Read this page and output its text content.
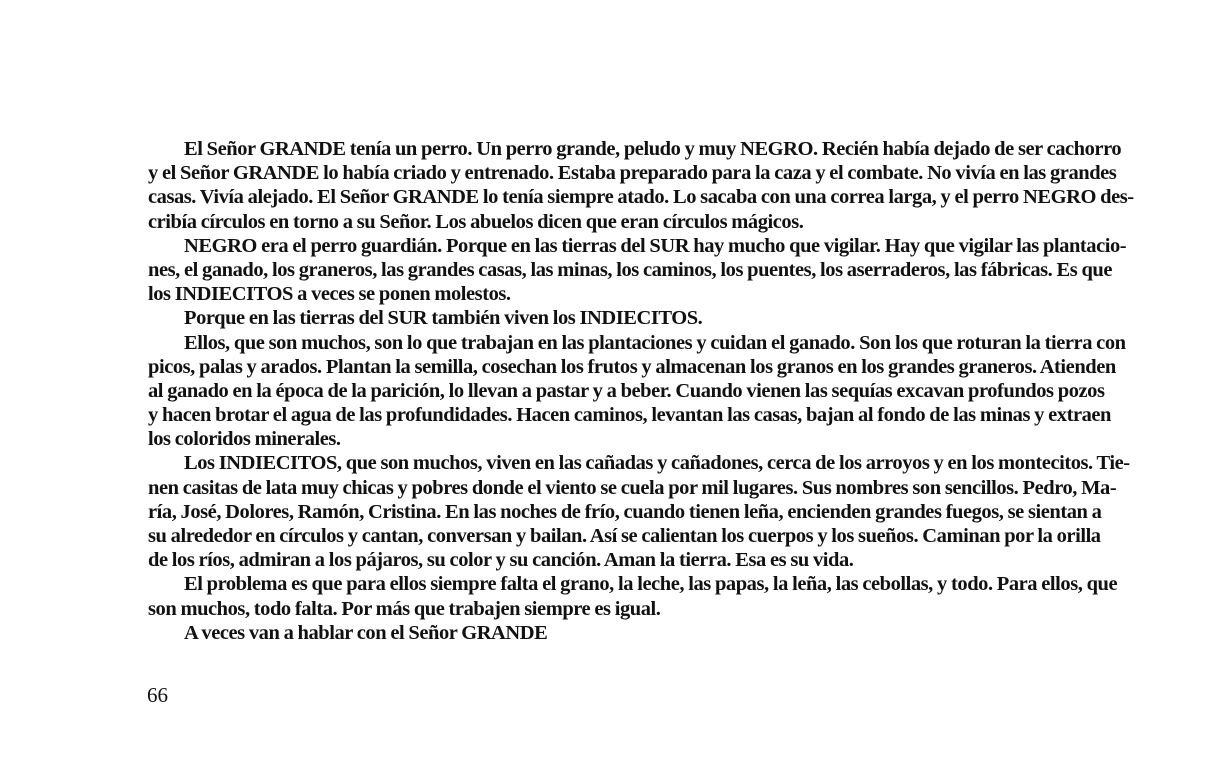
El Señor GRANDE tenía un perro. Un perro grande, peludo y muy NEGRO. Recién había dejado de ser cachorro
y el Señor GRANDE lo había criado y entrenado. Estaba preparado para la caza y el combate. No vivía en las grandes
casas. Vivía alejado. El Señor GRANDE lo tenía siempre atado. Lo sacaba con una correa larga, y el perro NEGRO des-
cribía círculos en torno a su Señor. Los abuelos dicen que eran círculos mágicos.
NEGRO era el perro guardián. Porque en las tierras del SUR hay mucho que vigilar. Hay que vigilar las plantacio-
nes, el ganado, los graneros, las grandes casas, las minas, los caminos, los puentes, los aserraderos, las fábricas. Es que
los INDIECITOS a veces se ponen molestos.
Porque en las tierras del SUR también viven los INDIECITOS.
Ellos, que son muchos, son lo que trabajan en las plantaciones y cuidan el ganado. Son los que roturan la tierra con
picos, palas y arados. Plantan la semilla, cosechan los frutos y almacenan los granos en los grandes graneros. Atienden
al ganado en la época de la parición, lo llevan a pastar y a beber. Cuando vienen las sequías excavan profundos pozos
y hacen brotar el agua de las profundidades. Hacen caminos, levantan las casas, bajan al fondo de las minas y extraen
los coloridos minerales.
Los INDIECITOS, que son muchos, viven en las cañadas y cañadones, cerca de los arroyos y en los montecitos. Tie-
nen casitas de lata muy chicas y pobres donde el viento se cuela por mil lugares. Sus nombres son sencillos. Pedro, Ma-
ría, José, Dolores, Ramón, Cristina. En las noches de frío, cuando tienen leña, encienden grandes fuegos, se sientan a
su alrededor en círculos y cantan, conversan y bailan. Así se calientan los cuerpos y los sueños. Caminan por la orilla
de los ríos, admiran a los pájaros, su color y su canción. Aman la tierra. Esa es su vida.
El problema es que para ellos siempre falta el grano, la leche, las papas, la leña, las cebollas, y todo. Para ellos, que
son muchos, todo falta. Por más que trabajen siempre es igual.
A veces van a hablar con el Señor GRANDE
66
